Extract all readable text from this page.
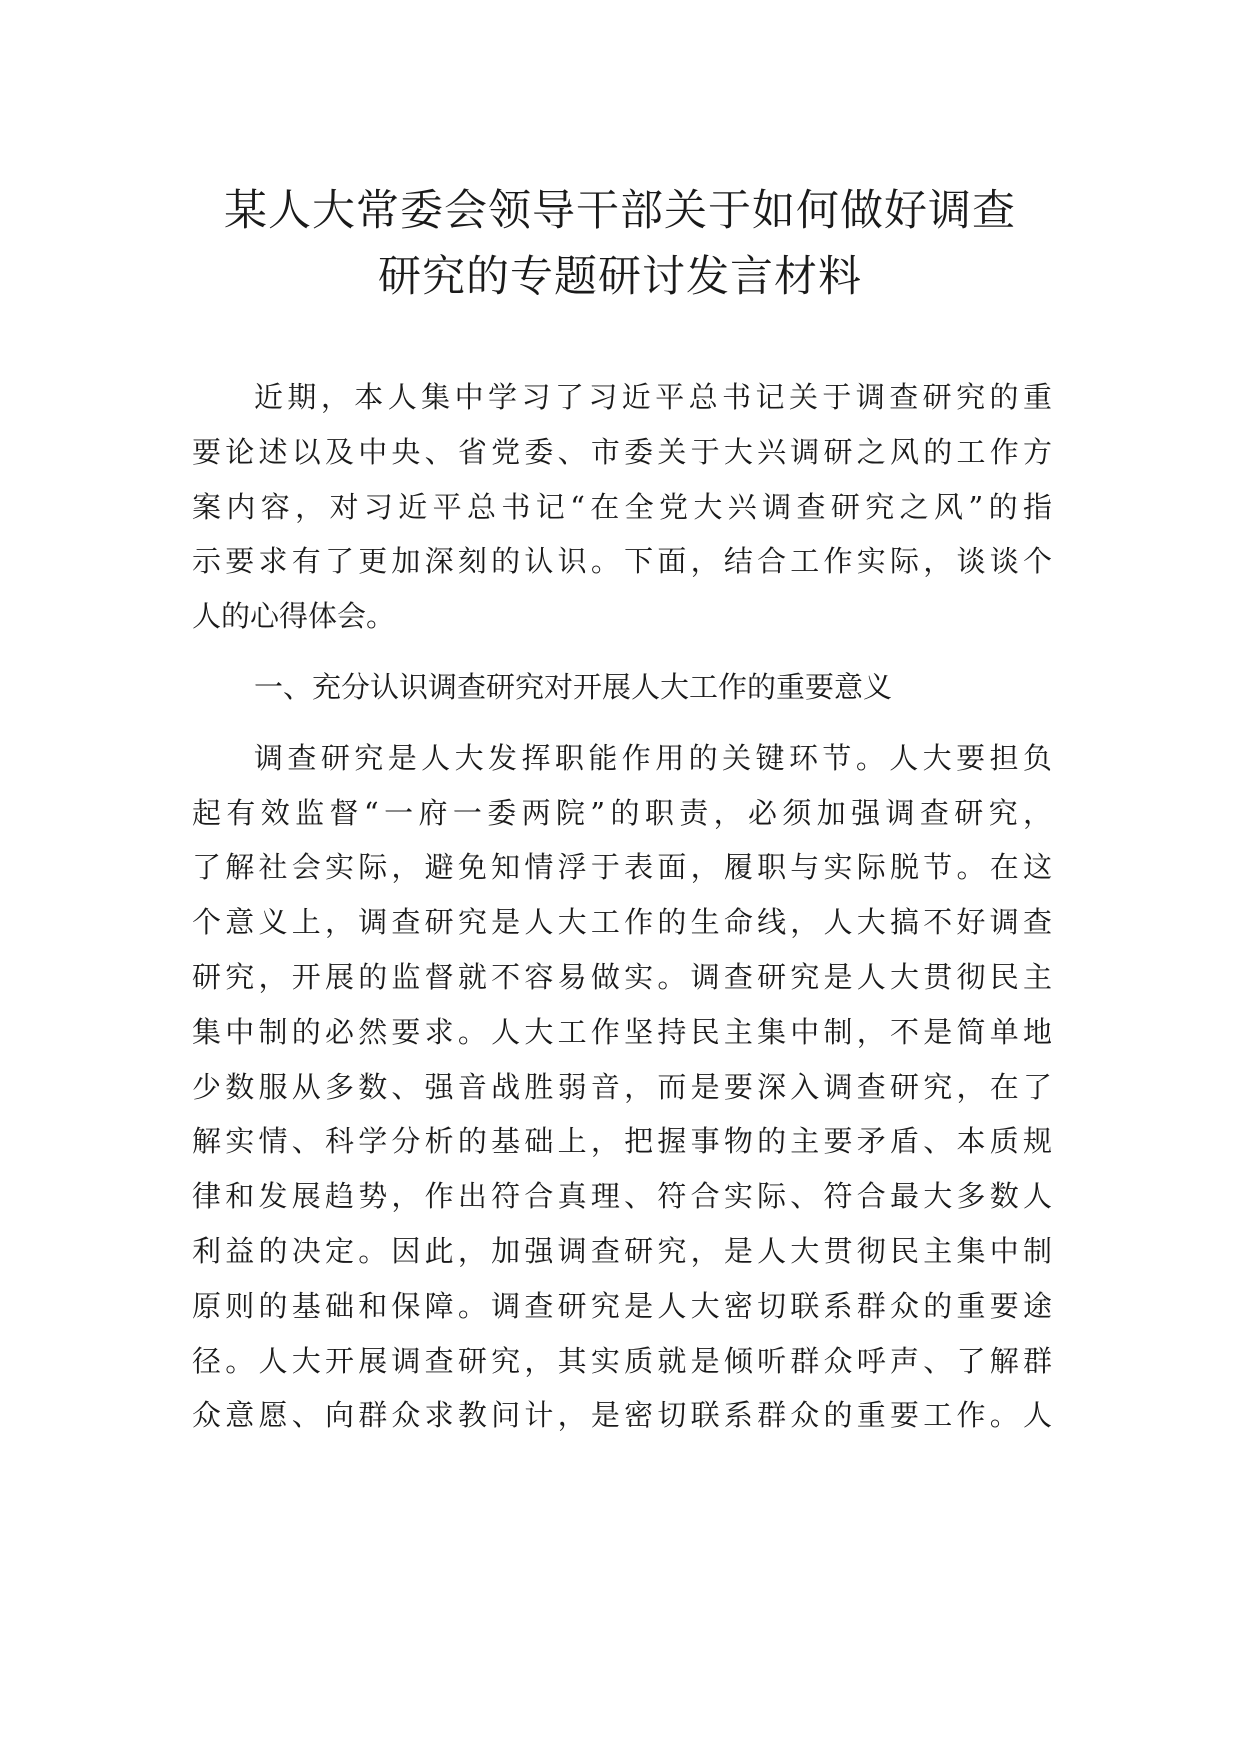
某人大常委会领导干部关于如何做好调查
研究的专题研讨发言材料
近期，本人集中学习了习近平总书记关于调查研究的重
要论述以及中央、省党委、市委关于大兴调研之风的工作方
案内容，对习近平总书记“在全党大兴调查研究之风”的指
示要求有了更加深刻的认识。下面，结合工作实际，谈谈个
人的心得体会。
一、充分认识调查研究对开展人大工作的重要意义
调查研究是人大发挥职能作用的关键环节。人大要担负
起有效监督“一府一委两院”的职责，必须加强调查研究，
了解社会实际，避免知情浮于表面，履职与实际脱节。在这
个意义上，调查研究是人大工作的生命线，人大搞不好调查
研究，开展的监督就不容易做实。调查研究是人大贯彻民主
集中制的必然要求。人大工作坚持民主集中制，不是简单地
少数服从多数、强音战胜弱音，而是要深入调查研究，在了
解实情、科学分析的基础上，把握事物的主要矛盾、本质规
律和发展趋势，作出符合真理、符合实际、符合最大多数人
利益的决定。因此，加强调查研究，是人大贯彻民主集中制
原则的基础和保障。调查研究是人大密切联系群众的重要途
径。人大开展调查研究，其实质就是倾听群众呼声、了解群
众意愿、向群众求教问计，是密切联系群众的重要工作。人
